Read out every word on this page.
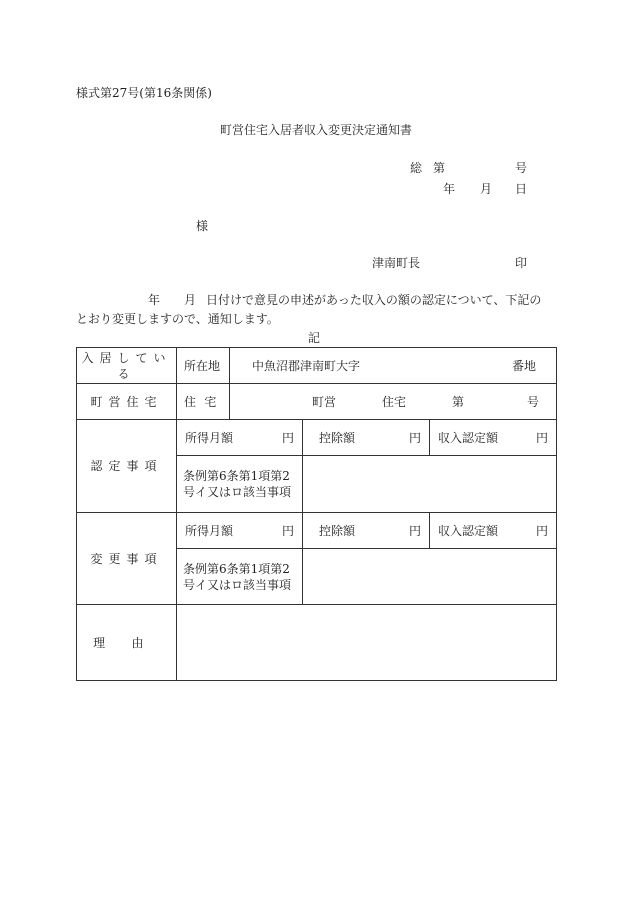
様式第27号(第16条関係)
町営住宅入居者収入変更決定通知書
総 第	号
年 月 日
様
津南町長	印
年 月 日付けで意見の申述があった収入の額の認定について、下記の
とおり変更しますので、通知します。
記
入居している	所在地	中魚沼郡津南町大字 番地		

町営住宅	住宅	町営 住宅 第 号		

認定事項	所得月額 円		控除額 円	収入認定額 円

	条例第6条第1項第2
号イ又はロ該当事項			

変更事項	所得月額 円		控除額 円	収入認定額 円

	条例第6条第1項第2
号イ又はロ該当事項			

理由				
